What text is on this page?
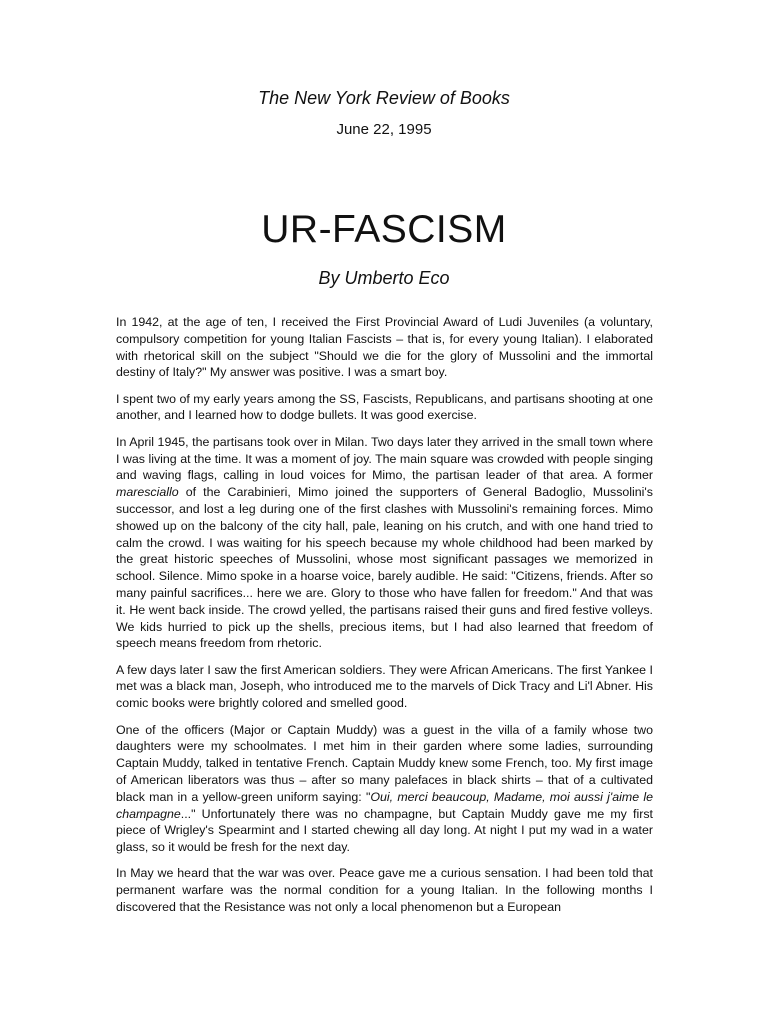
The New York Review of Books
June 22, 1995
UR-FASCISM
By Umberto Eco

In 1942, at the age of ten, I received the First Provincial Award of Ludi Juveniles (a voluntary, compulsory competition for young Italian Fascists – that is, for every young Italian). I elaborated with rhetorical skill on the subject "Should we die for the glory of Mussolini and the immortal destiny of Italy?" My answer was positive. I was a smart boy.

I spent two of my early years among the SS, Fascists, Republicans, and partisans shooting at one another, and I learned how to dodge bullets. It was good exercise.

In April 1945, the partisans took over in Milan. Two days later they arrived in the small town where I was living at the time. It was a moment of joy. The main square was crowded with people singing and waving flags, calling in loud voices for Mimo, the partisan leader of that area. A former maresciallo of the Carabinieri, Mimo joined the supporters of General Badoglio, Mussolini's successor, and lost a leg during one of the first clashes with Mussolini's remaining forces. Mimo showed up on the balcony of the city hall, pale, leaning on his crutch, and with one hand tried to calm the crowd. I was waiting for his speech because my whole childhood had been marked by the great historic speeches of Mussolini, whose most significant passages we memorized in school. Silence. Mimo spoke in a hoarse voice, barely audible. He said: "Citizens, friends. After so many painful sacrifices... here we are. Glory to those who have fallen for freedom." And that was it. He went back inside. The crowd yelled, the partisans raised their guns and fired festive volleys. We kids hurried to pick up the shells, precious items, but I had also learned that freedom of speech means freedom from rhetoric.

A few days later I saw the first American soldiers. They were African Americans. The first Yankee I met was a black man, Joseph, who introduced me to the marvels of Dick Tracy and Li'l Abner. His comic books were brightly colored and smelled good.

One of the officers (Major or Captain Muddy) was a guest in the villa of a family whose two daughters were my schoolmates. I met him in their garden where some ladies, surrounding Captain Muddy, talked in tentative French. Captain Muddy knew some French, too. My first image of American liberators was thus – after so many palefaces in black shirts – that of a cultivated black man in a yellow-green uniform saying: "Oui, merci beaucoup, Madame, moi aussi j'aime le champagne..." Unfortunately there was no champagne, but Captain Muddy gave me my first piece of Wrigley's Spearmint and I started chewing all day long. At night I put my wad in a water glass, so it would be fresh for the next day.

In May we heard that the war was over. Peace gave me a curious sensation. I had been told that permanent warfare was the normal condition for a young Italian. In the following months I discovered that the Resistance was not only a local phenomenon but a European
